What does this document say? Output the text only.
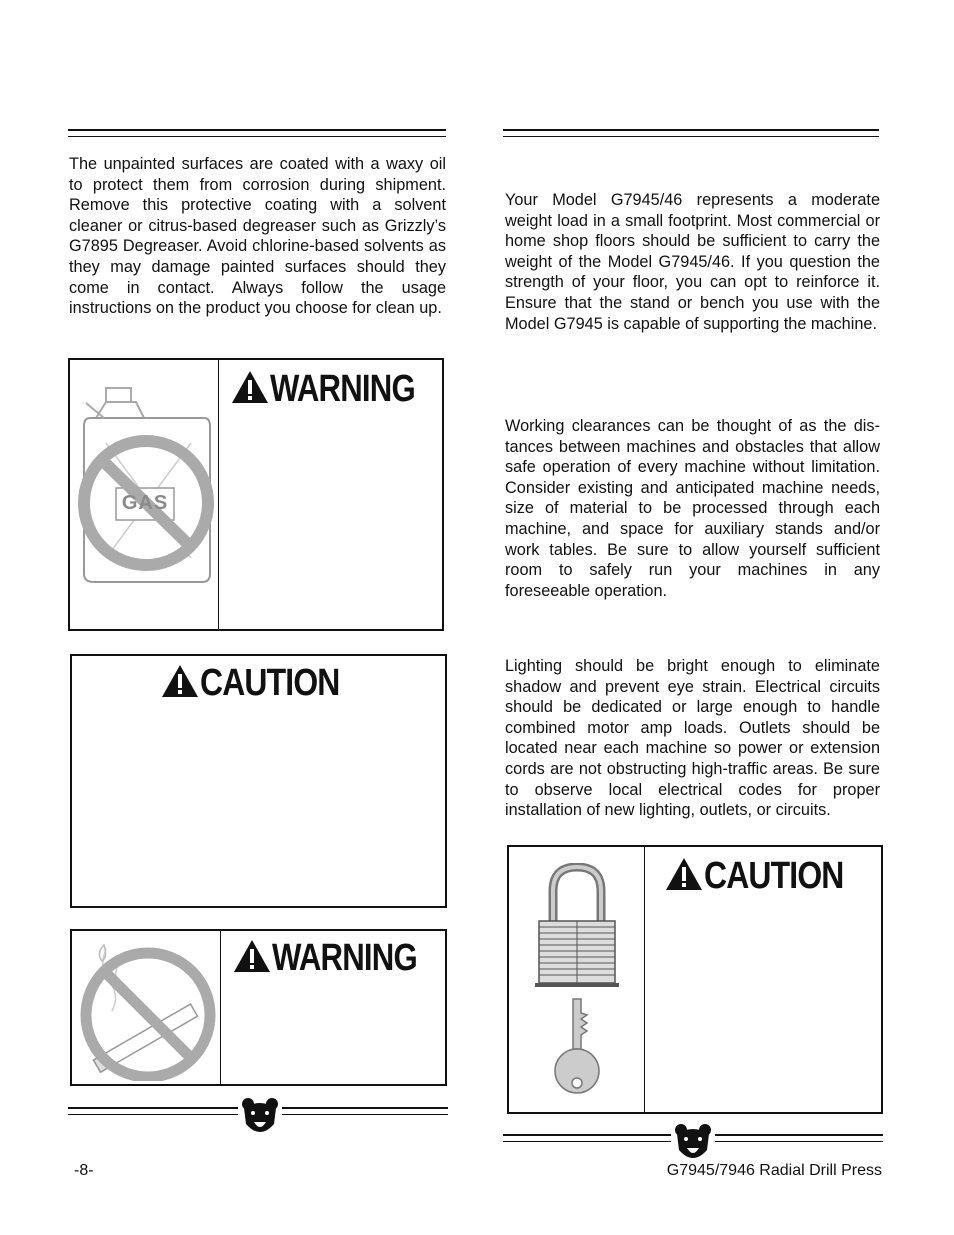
The unpainted surfaces are coated with a waxy oil to protect them from corrosion during shipment. Remove this protective coating with a solvent cleaner or citrus-based degreaser such as Grizzly’s G7895 Degreaser. Avoid chlorine-based solvents as they may damage painted surfaces should they come in contact. Always follow the usage instructions on the product you choose for clean up.

GAS
WARNING
CAUTION
WARNING
-8-

Your Model G7945/46 represents a moderate weight load in a small footprint. Most commercial or home shop floors should be sufficient to carry the weight of the Model G7945/46. If you question the strength of your floor, you can opt to reinforce it. Ensure that the stand or bench you use with the Model G7945 is capable of supporting the machine.

Working clearances can be thought of as the distances between machines and obstacles that allow safe operation of every machine without limitation. Consider existing and anticipated machine needs, size of material to be processed through each machine, and space for auxiliary stands and/or work tables. Be sure to allow yourself sufficient room to safely run your machines in any foreseeable operation.

Lighting should be bright enough to eliminate shadow and prevent eye strain. Electrical circuits should be dedicated or large enough to handle combined motor amp loads. Outlets should be located near each machine so power or extension cords are not obstructing high-traffic areas. Be sure to observe local electrical codes for proper installation of new lighting, outlets, or circuits.

CAUTION
G7945/7946 Radial Drill Press
